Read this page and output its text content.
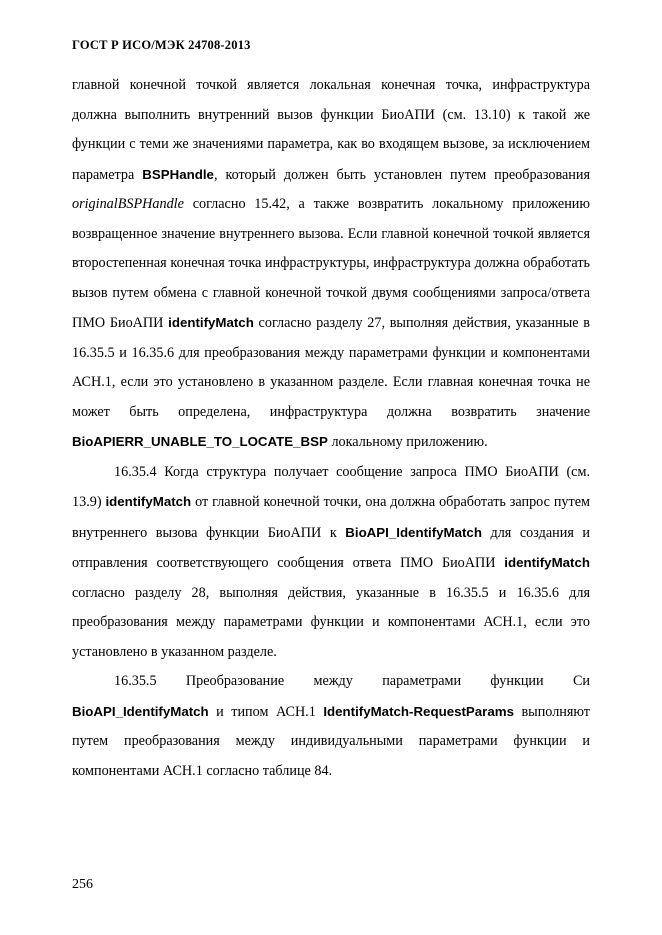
ГОСТ Р ИСО/МЭК 24708-2013

главной конечной точкой является локальная конечная точка, инфраструктура должна выполнить внутренний вызов функции БиоАПИ (см. 13.10) к такой же функции с теми же значениями параметра, как во входящем вызове, за исключением параметра BSPHandle, который должен быть установлен путем преобразования originalBSPHandle согласно 15.42, а также возвратить локальному приложению возвращенное значение внутреннего вызова. Если главной конечной точкой является второстепенная конечная точка инфраструктуры, инфраструктура должна обработать вызов путем обмена с главной конечной точкой двумя сообщениями запроса/ответа ПМО БиоАПИ identifyMatch согласно разделу 27, выполняя действия, указанные в 16.35.5 и 16.35.6 для преобразования между параметрами функции и компонентами АСН.1, если это установлено в указанном разделе. Если главная конечная точка не может быть определена, инфраструктура должна возвратить значение BioAPIERR_UNABLE_TO_LOCATE_BSP локальному приложению.

16.35.4 Когда структура получает сообщение запроса ПМО БиоАПИ (см. 13.9) identifyMatch от главной конечной точки, она должна обработать запрос путем внутреннего вызова функции БиоАПИ к BioAPI_IdentifyMatch для создания и отправления соответствующего сообщения ответа ПМО БиоАПИ identifyMatch согласно разделу 28, выполняя действия, указанные в 16.35.5 и 16.35.6 для преобразования между параметрами функции и компонентами АСН.1, если это установлено в указанном разделе.

16.35.5 Преобразование между параметрами функции Си BioAPI_IdentifyMatch и типом АСН.1 IdentifyMatch-RequestParams выполняют путем преобразования между индивидуальными параметрами функции и компонентами АСН.1 согласно таблице 84.

256
